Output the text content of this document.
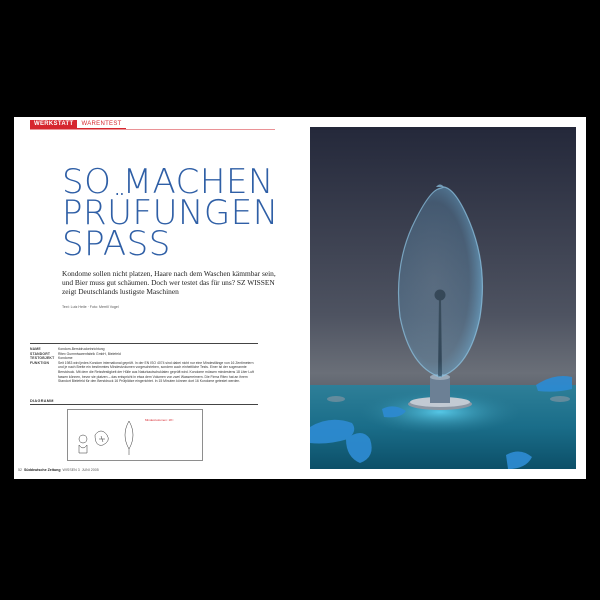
WERKSTATT	WARENTEST
SO MACHEN
PRÜFUNGEN
SPASS

Kondome sollen nicht platzen, Haare nach dem Waschen kämmbar sein, und Bier muss gut schäumen. Doch wer testet das für uns? SZ WISSEN zeigt Deutschlands lustigste Maschinen

Text: Lutz Heile · Foto: Merrill Vogel
NAME	Kondom-Berstdruckeinrichtung
STANDORT	Ritex Gummiwarenfabrik GmbH, Bielefeld
TESTOBJEKT	Kondome
FUNKTION	Seit 1983 wird jedes Kondom international geprüft. In der EN ISO 4074 sind dabei nicht nur eine Mindestlänge von 16 Zentimetern und je nach Breite ein bestimmtes Mindestvolumen vorgeschrieben, sondern auch einheitliche Tests. Einer ist der sogenannte Berstdruck. Mit dem die Reissfestigkeit der Hülle aus Naturkautschuklatex geprüft wird. Kondome müssen mindestens 18 Liter Luft fassen können, bevor sie platzen – das entspricht in etwa dem Volumen von zwei Wassereimern. Die Firma Ritex hat an ihrem Standort Bielefeld für den Berstdruck 16 Prüfplätze eingerichtet. In 15 Minuten können dort 16 Kondome getestet werden.
DIAGRAMM
Mindestvolumen: 18 l
52 Süddeutsche Zeitung WISSEN 3 JUNI 2005
